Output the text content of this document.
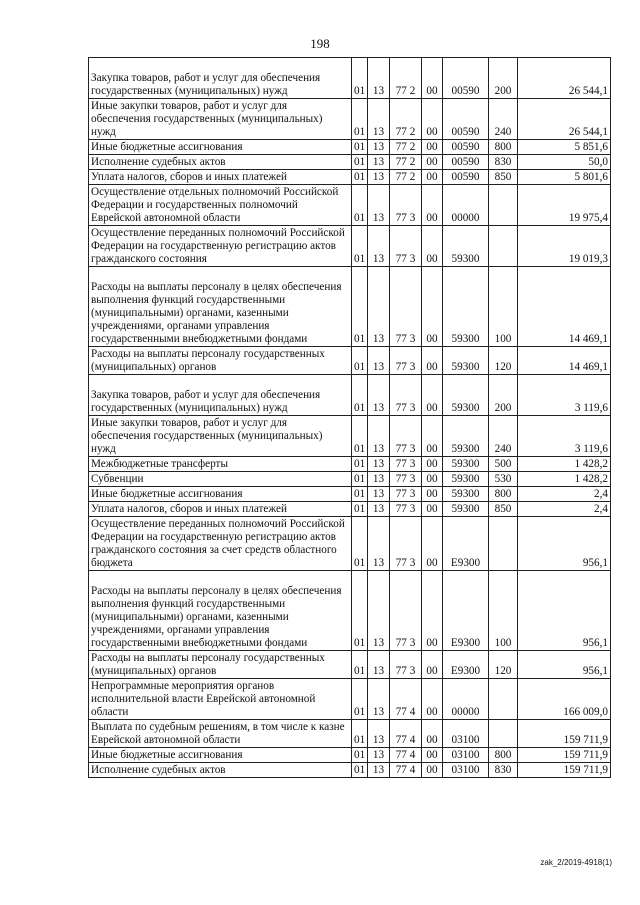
198
Закупка товаров, работ и услуг для обеспечения государственных (муниципальных) нужд	01	13	77 2	00	00590	200	26 544,1
Иные закупки товаров, работ и услуг для обеспечения государственных (муниципальных) нужд	01	13	77 2	00	00590	240	26 544,1
Иные бюджетные ассигнования	01	13	77 2	00	00590	800	5 851,6
Исполнение судебных актов	01	13	77 2	00	00590	830	50,0
Уплата налогов, сборов и иных платежей	01	13	77 2	00	00590	850	5 801,6
Осуществление отдельных полномочий Российской Федерации и государственных полномочий Еврейской автономной области	01	13	77 3	00	00000		19 975,4
Осуществление переданных полномочий Российской Федерации на государственную регистрацию актов гражданского состояния	01	13	77 3	00	59300		19 019,3
Расходы на выплаты персоналу в целях обеспечения выполнения функций государственными (муниципальными) органами, казенными учреждениями, органами управления государственными внебюджетными фондами	01	13	77 3	00	59300	100	14 469,1
Расходы на выплаты персоналу государственных (муниципальных) органов	01	13	77 3	00	59300	120	14 469,1
Закупка товаров, работ и услуг для обеспечения государственных (муниципальных) нужд	01	13	77 3	00	59300	200	3 119,6
Иные закупки товаров, работ и услуг для обеспечения государственных (муниципальных) нужд	01	13	77 3	00	59300	240	3 119,6
Межбюджетные трансферты	01	13	77 3	00	59300	500	1 428,2
Субвенции	01	13	77 3	00	59300	530	1 428,2
Иные бюджетные ассигнования	01	13	77 3	00	59300	800	2,4
Уплата налогов, сборов и иных платежей	01	13	77 3	00	59300	850	2,4
Осуществление переданных полномочий Российской Федерации на государственную регистрацию актов гражданского состояния за счет средств областного бюджета	01	13	77 3	00	Е9300		956,1
Расходы на выплаты персоналу в целях обеспечения выполнения функций государственными (муниципальными) органами, казенными учреждениями, органами управления государственными внебюджетными фондами	01	13	77 3	00	Е9300	100	956,1
Расходы на выплаты персоналу государственных (муниципальных) органов	01	13	77 3	00	Е9300	120	956,1
Непрограммные мероприятия органов исполнительной власти Еврейской автономной области	01	13	77 4	00	00000		166 009,0
Выплата по судебным решениям, в том числе к казне Еврейской автономной области	01	13	77 4	00	03100		159 711,9
Иные бюджетные ассигнования	01	13	77 4	00	03100	800	159 711,9
Исполнение судебных актов	01	13	77 4	00	03100	830	159 711,9
zak_2/2019-4918(1)
